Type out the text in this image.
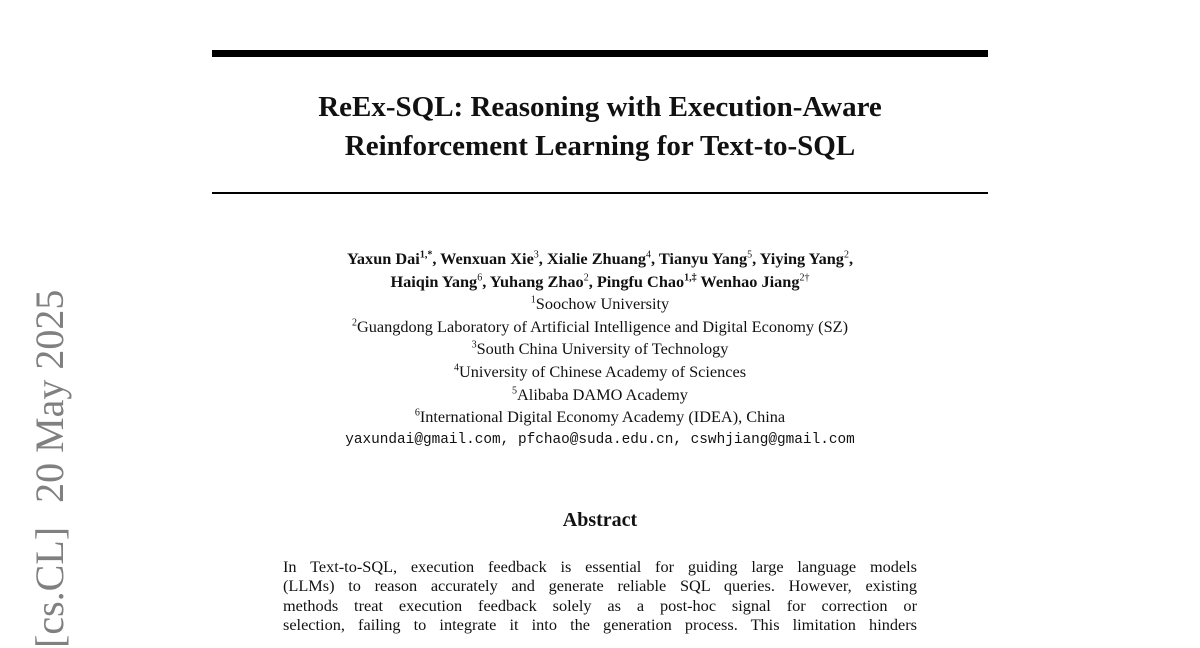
ReEx-SQL: Reasoning with Execution-Aware
Reinforcement Learning for Text-to-SQL
Yaxun Dai$^{1,*}$, Wenxuan Xie$^3$, Xialie Zhuang$^4$, Tianyu Yang$^5$, Yiying Yang$^2$,
Haiqin Yang$^6$, Yuhang Zhao$^2$, Pingfu Chao$^{1,\ddagger}$ Wenhao Jiang$^{2\dagger}$
$^1$Soochow University
$^2$Guangdong Laboratory of Artificial Intelligence and Digital Economy (SZ)
$^3$South China University of Technology
$^4$University of Chinese Academy of Sciences
$^5$Alibaba DAMO Academy
$^6$International Digital Economy Academy (IDEA), China
yaxundai@gmail.com, pfchao@suda.edu.cn, cswhjiang@gmail.com
Abstract
In Text-to-SQL, execution feedback is essential for guiding large language models
(LLMs) to reason accurately and generate reliable SQL queries. However, existing
methods treat execution feedback solely as a post-hoc signal for correction or
selection, failing to integrate it into the generation process. This limitation hinders
[cs.CL]20 May 2025
